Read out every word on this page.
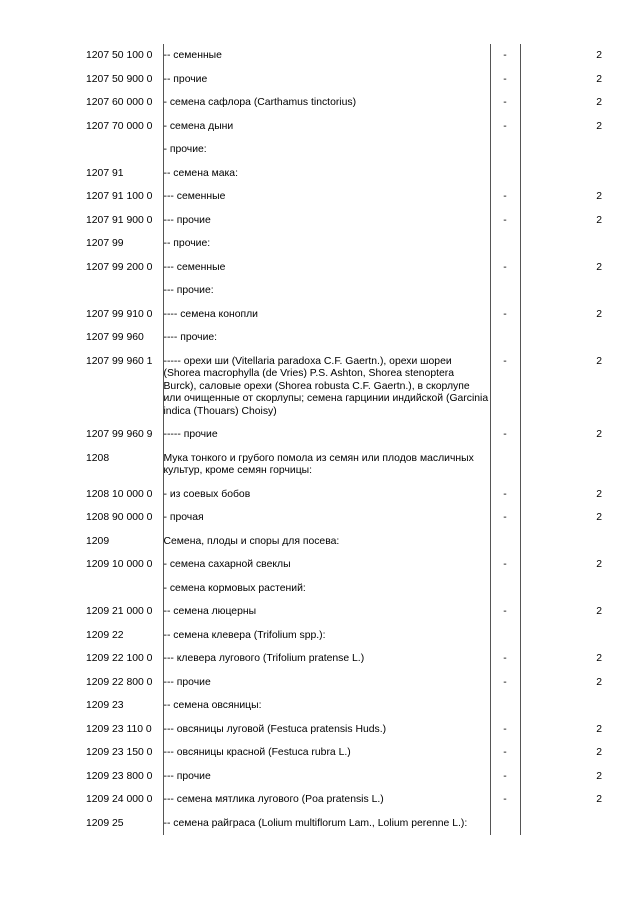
1207 50 100 0	-- семенные	-	2
1207 50 900 0	-- прочие	-	2
1207 60 000 0	- семена сафлора (Carthamus tinctorius)	-	2
1207 70 000 0	- семена дыни	-	2
	- прочие:		
1207 91	-- семена мака:		
1207 91 100 0	--- семенные	-	2
1207 91 900 0	--- прочие	-	2
1207 99	-- прочие:		
1207 99 200 0	--- семенные	-	2
	--- прочие:		
1207 99 910 0	---- семена конопли	-	2
1207 99 960	---- прочие:		
1207 99 960 1	----- орехи ши (Vitellaria paradoxa C.F. Gaertn.), орехи шореи (Shorea macrophylla (de Vries) P.S. Ashton, Shorea stenoptera Burck), саловые орехи (Shorea robusta C.F. Gaertn.), в скорлупе или очищенные от скорлупы; семена гарцинии индийской (Garcinia indica (Thouars) Choisy)	-	2
1207 99 960 9	----- прочие	-	2
1208	Мука тонкого и грубого помола из семян или плодов масличных культур, кроме семян горчицы:		
1208 10 000 0	- из соевых бобов	-	2
1208 90 000 0	- прочая	-	2
1209	Семена, плоды и споры для посева:		
1209 10 000 0	- семена сахарной свеклы	-	2
	- семена кормовых растений:		
1209 21 000 0	-- семена люцерны	-	2
1209 22	-- семена клевера (Trifolium spp.):		
1209 22 100 0	--- клевера лугового (Trifolium pratense L.)	-	2
1209 22 800 0	--- прочие	-	2
1209 23	-- семена овсяницы:		
1209 23 110 0	--- овсяницы луговой (Festuca pratensis Huds.)	-	2
1209 23 150 0	--- овсяницы красной (Festuca rubra L.)	-	2
1209 23 800 0	--- прочие	-	2
1209 24 000 0	--- семена мятлика лугового (Poa pratensis L.)	-	2
1209 25	-- семена райграса (Lolium multiflorum Lam., Lolium perenne L.):		
